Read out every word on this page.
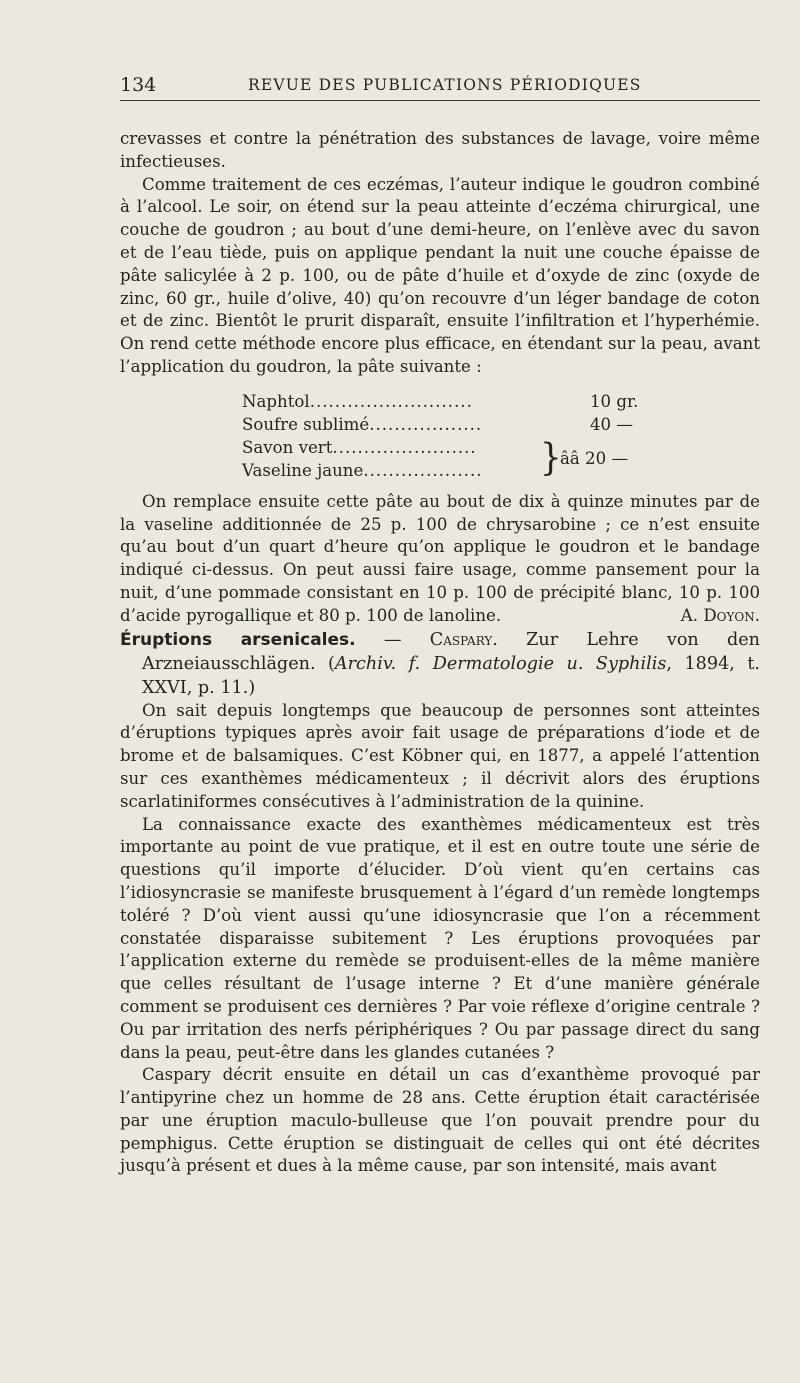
134	REVUE DES PUBLICATIONS PÉRIODIQUES

crevasses et contre la pénétration des substances de lavage, voire même infectieuses.

Comme traitement de ces eczémas, l’auteur indique le goudron combiné à l’alcool. Le soir, on étend sur la peau atteinte d’eczéma chirurgical, une couche de goudron ; au bout d’une demi-heure, on l’enlève avec du savon et de l’eau tiède, puis on applique pendant la nuit une couche épaisse de pâte salicylée à 2 p. 100, ou de pâte d’huile et d’oxyde de zinc (oxyde de zinc, 60 gr., huile d’olive, 40) qu’on recouvre d’un léger bandage de coton et de zinc. Bientôt le prurit disparaît, ensuite l’infiltration et l’hyperhémie. On rend cette méthode encore plus efficace, en étendant sur la peau, avant l’application du goudron, la pâte suivante :

Naphtol..........................	10 gr.
Soufre sublimé..................	40 —
Savon vert.......................
Vaseline jaune................... }
ââ 20 —

On remplace ensuite cette pâte au bout de dix à quinze minutes par de la vaseline additionnée de 25 p. 100 de chrysarobine ; ce n’est ensuite qu’au bout d’un quart d’heure qu’on applique le goudron et le bandage indiqué ci-dessus. On peut aussi faire usage, comme pansement pour la nuit, d’une pommade consistant en 10 p. 100 de précipité blanc, 10 p. 100 d’acide pyrogallique et 80 p. 100 de lanoline.	A. Doyon.

Éruptions arsenicales. — Caspary. Zur Lehre von den Arzneiausschlägen. (Archiv. f. Dermatologie u. Syphilis, 1894, t. XXVI, p. 11.)

On sait depuis longtemps que beaucoup de personnes sont atteintes d’éruptions typiques après avoir fait usage de préparations d’iode et de brome et de balsamiques. C’est Köbner qui, en 1877, a appelé l’attention sur ces exanthèmes médicamenteux ; il décrivit alors des éruptions scarlatiniformes consécutives à l’administration de la quinine.

La connaissance exacte des exanthèmes médicamenteux est très importante au point de vue pratique, et il est en outre toute une série de questions qu’il importe d’élucider. D’où vient qu’en certains cas l’idiosyncrasie se manifeste brusquement à l’égard d’un remède longtemps toléré ? D’où vient aussi qu’une idiosyncrasie que l’on a récemment constatée disparaisse subitement ? Les éruptions provoquées par l’application externe du remède se produisent-elles de la même manière que celles résultant de l’usage interne ? Et d’une manière générale comment se produisent ces dernières ? Par voie réflexe d’origine centrale ? Ou par irritation des nerfs périphériques ? Ou par passage direct du sang dans la peau, peut-être dans les glandes cutanées ?

Caspary décrit ensuite en détail un cas d’exanthème provoqué par l’antipyrine chez un homme de 28 ans. Cette éruption était caractérisée par une éruption maculo-bulleuse que l’on pouvait prendre pour du pemphigus. Cette éruption se distinguait de celles qui ont été décrites jusqu’à présent et dues à la même cause, par son intensité, mais avant
